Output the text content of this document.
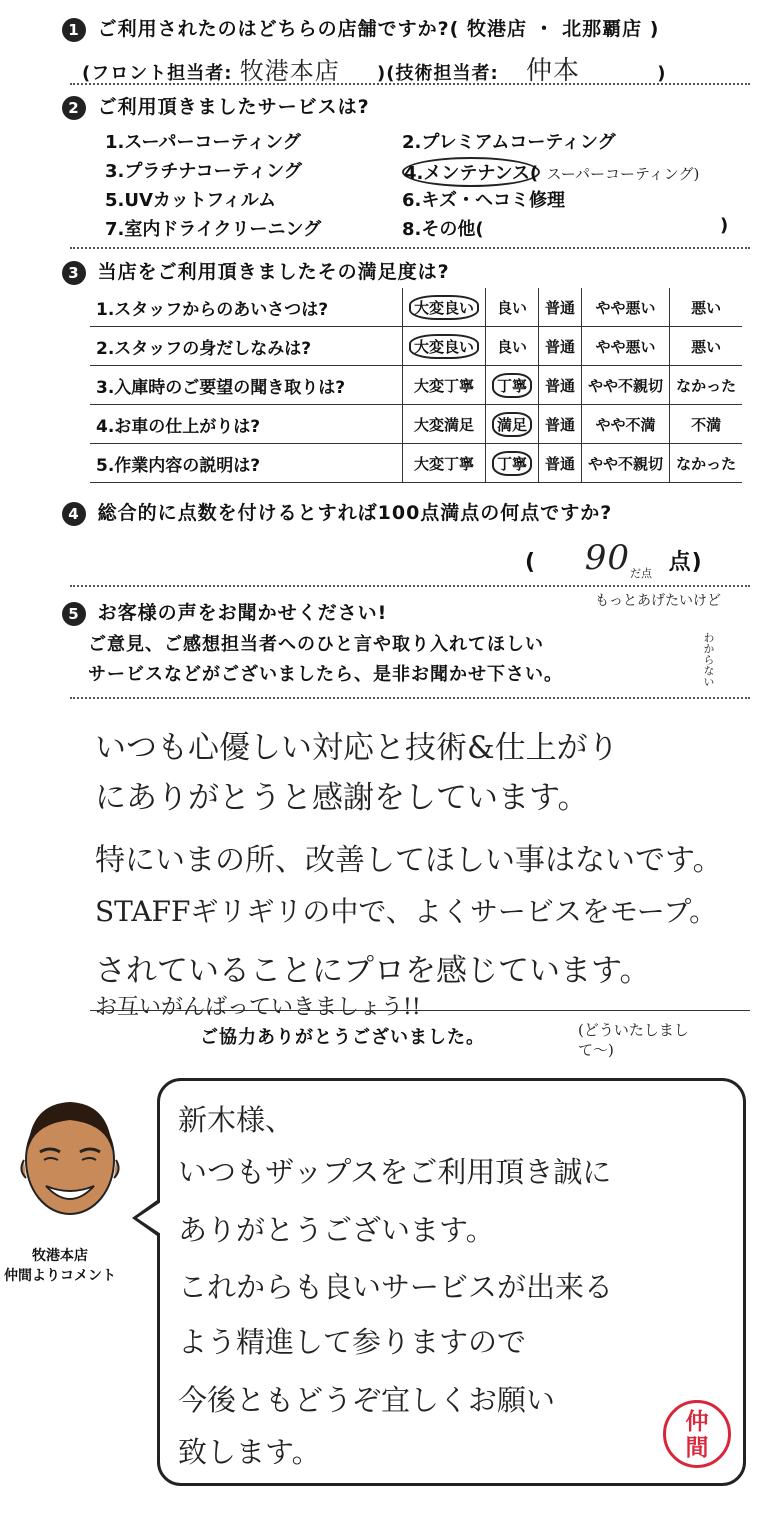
1 ご利用されたのはどちらの店舗ですか?( 牧港店 ・ 北那覇店 )
(フロント担当者: 牧港本店 )(技術担当者: 仲本	)
2 ご利用頂きましたサービスは?
1.スーパーコーティング	2.プレミアムコーティング
3.プラチナコーティング	4.メンテナンス( スーパーコーティング)
5.UVカットフィルム	6.キズ・ヘコミ修理
7.室内ドライクリーニング	8.その他(	)
3 当店をご利用頂きましたその満足度は?
1.スタッフからのあいさつは?	大変良い	良い	普通	やや悪い	悪い
2.スタッフの身だしなみは?	大変良い	良い	普通	やや悪い	悪い
3.入庫時のご要望の聞き取りは?	大変丁寧	丁寧	普通	やや不親切	なかった
4.お車の仕上がりは?	大変満足	満足	普通	やや不満	不満
5.作業内容の説明は?	大変丁寧	丁寧	普通	やや不親切	なかった
4 総合的に点数を付けるとすれば100点満点の何点ですか?
( 90 点)
だ点
5 お客様の声をお聞かせください!
もっとあげたいけど
ご意見、ご感想担当者へのひと言や取り入れてほしい	わからない
サービスなどがございましたら、是非お聞かせ下さい。
いつも心優しい対応と技術&仕上がり
にありがとうと感謝をしています。
特にいまの所、改善してほしい事はないです。
STAFFギリギリの中で、よくサービスをモープ。
されていることにプロを感じています。
お互いがんばっていきましょう!!
ご協力ありがとうございました。	(どういたしまして〜)
牧港本店
仲間よりコメント
新木様、
いつもザップスをご利用頂き誠に
ありがとうございます。
これからも良いサービスが出来る
よう精進して参りますので
今後ともどうぞ宜しくお願い
致します。
仲
間
